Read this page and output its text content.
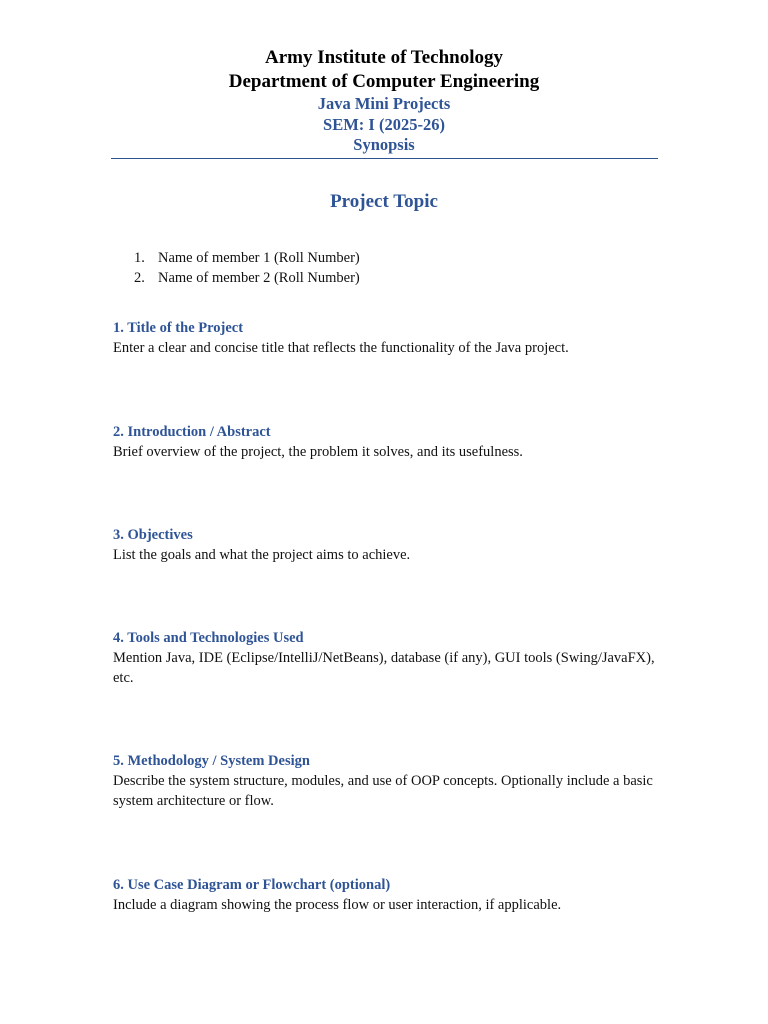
Army Institute of Technology
Department of Computer Engineering
Java Mini Projects
SEM: I (2025-26)
Synopsis
Project Topic
1. Name of member 1 (Roll Number)
2. Name of member 2 (Roll Number)
1. Title of the Project

Enter a clear and concise title that reflects the functionality of the Java project.

2. Introduction / Abstract

Brief overview of the project, the problem it solves, and its usefulness.

3. Objectives

List the goals and what the project aims to achieve.

4. Tools and Technologies Used

Mention Java, IDE (Eclipse/IntelliJ/NetBeans), database (if any), GUI tools (Swing/JavaFX), etc.

5. Methodology / System Design

Describe the system structure, modules, and use of OOP concepts. Optionally include a basic system architecture or flow.

6. Use Case Diagram or Flowchart (optional)

Include a diagram showing the process flow or user interaction, if applicable.
